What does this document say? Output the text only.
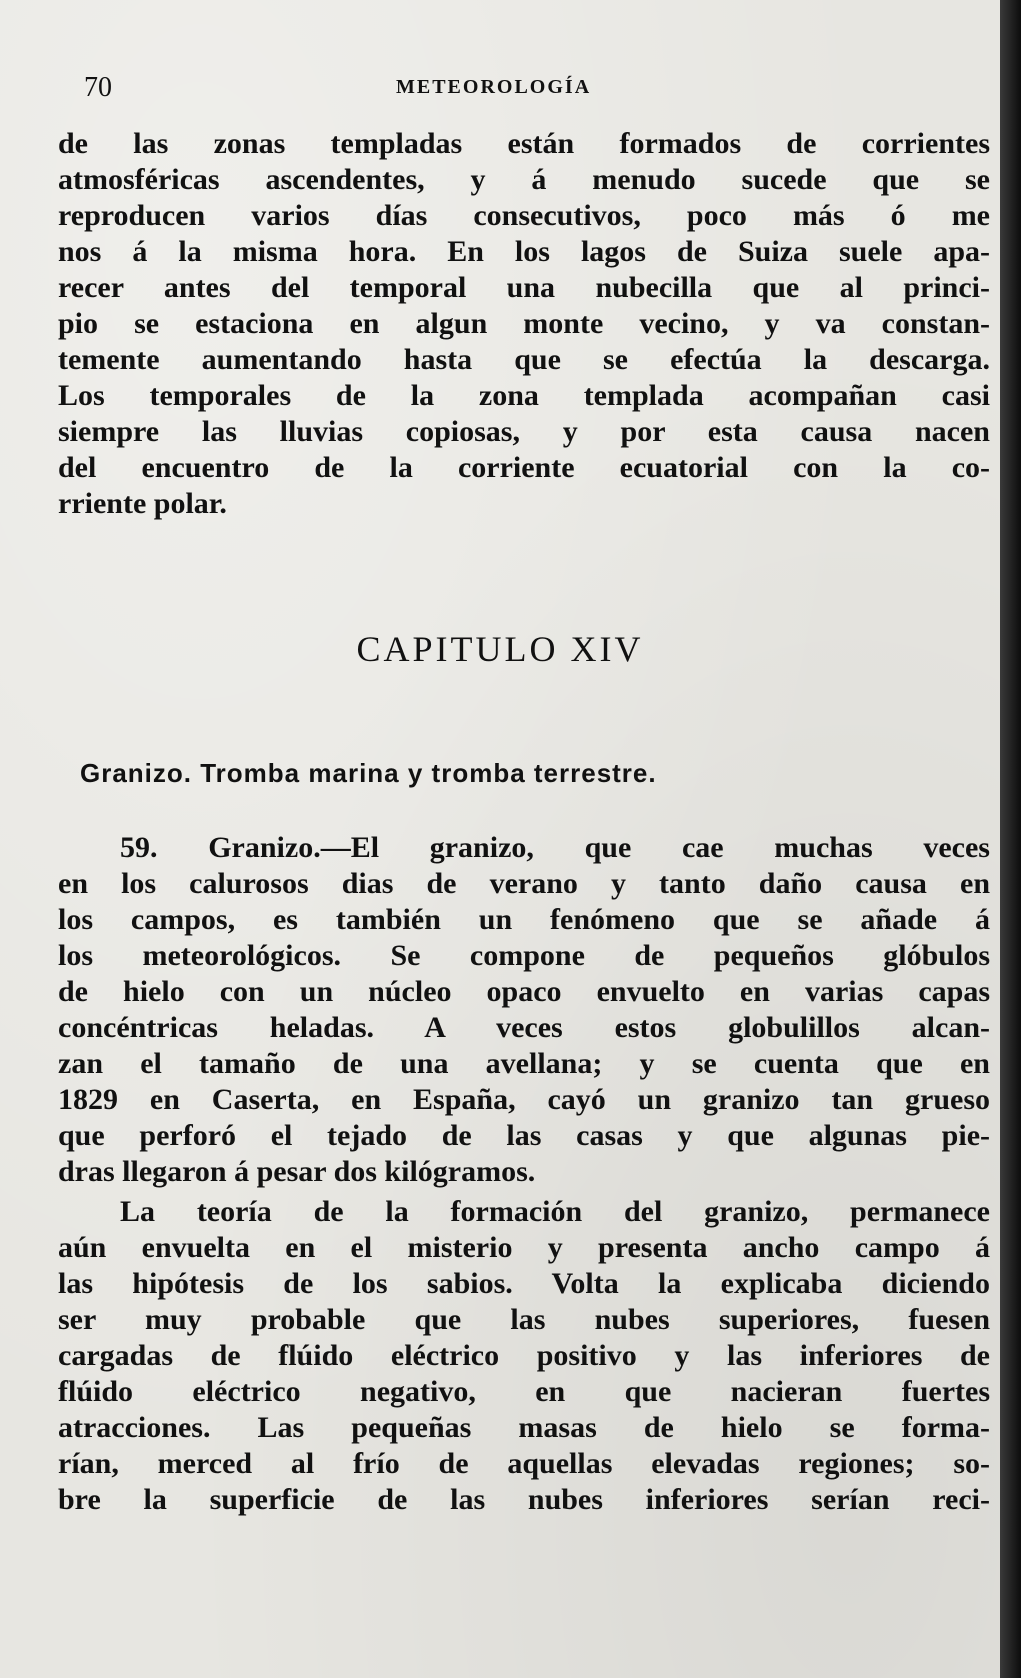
70	METEOROLOGÍA
de las zonas templadas están formados de corrientes
atmosféricas ascendentes, y á menudo sucede que se
reproducen varios días consecutivos, poco más ó me
nos á la misma hora. En los lagos de Suiza suele apa-
recer antes del temporal una nubecilla que al princi-
pio se estaciona en algun monte vecino, y va constan-
temente aumentando hasta que se efectúa la descarga.
Los temporales de la zona templada acompañan casi
siempre las lluvias copiosas, y por esta causa nacen
del encuentro de la corriente ecuatorial con la co-
rriente polar.
CAPITULO XIV
Granizo. Tromba marina y tromba terrestre.
59. Granizo.—El granizo, que cae muchas veces
en los calurosos dias de verano y tanto daño causa en
los campos, es también un fenómeno que se añade á
los meteorológicos. Se compone de pequeños glóbulos
de hielo con un núcleo opaco envuelto en varias capas
concéntricas heladas. A veces estos globulillos alcan-
zan el tamaño de una avellana; y se cuenta que en
1829 en Caserta, en España, cayó un granizo tan grueso
que perforó el tejado de las casas y que algunas pie-
dras llegaron á pesar dos kilógramos.
La teoría de la formación del granizo, permanece
aún envuelta en el misterio y presenta ancho campo á
las hipótesis de los sabios. Volta la explicaba diciendo
ser muy probable que las nubes superiores, fuesen
cargadas de flúido eléctrico positivo y las inferiores de
flúido eléctrico negativo, en que nacieran fuertes
atracciones. Las pequeñas masas de hielo se forma-
rían, merced al frío de aquellas elevadas regiones; so-
bre la superficie de las nubes inferiores serían reci-
